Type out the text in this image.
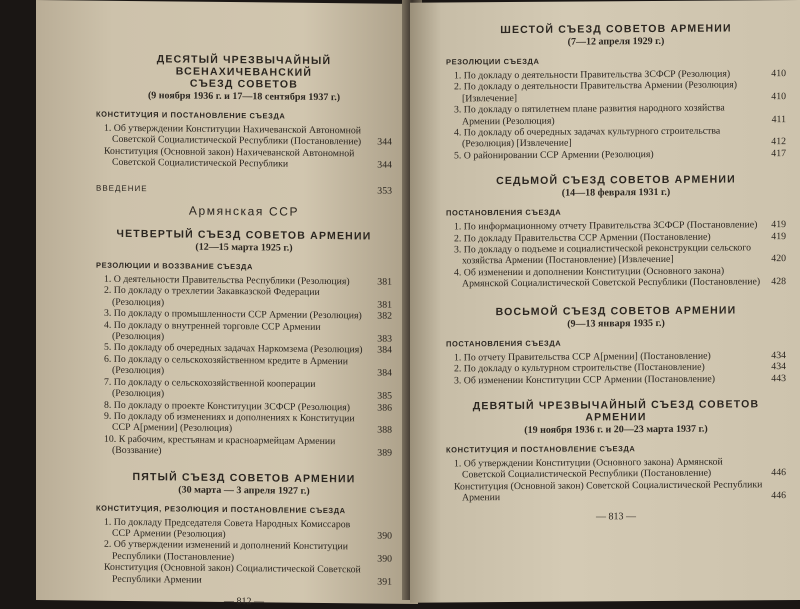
ДЕСЯТЫЙ ЧРЕЗВЫЧАЙНЫЙ ВСЕНАХИЧЕВАНСКИЙ
СЪЕЗД СОВЕТОВ
(9 ноября 1936 г. и 17—18 сентября 1937 г.)
КОНСТИТУЦИЯ И ПОСТАНОВЛЕНИЕ СЪЕЗДА
1. Об утверждении Конституции Нахичеванской Автономной Советской Социалистической Республики (Постановление) 344
Конституция (Основной закон) Нахичеванской Автономной Советской Социалистической Республики	344
ВВЕДЕНИЕ	353
Армянская ССР
ЧЕТВЕРТЫЙ СЪЕЗД СОВЕТОВ АРМЕНИИ
(12—15 марта 1925 г.)
РЕЗОЛЮЦИИ И ВОЗЗВАНИЕ СЪЕЗДА
1. О деятельности Правительства Республики (Резолюция)	381
2. По докладу о трехлетии Закавказской Федерации (Резолюция)	381
3. По докладу о промышленности ССР Армении (Резолюция) 382
4. По докладу о внутренней торговле ССР Армении (Резолюция)	383
5. По докладу об очередных задачах Наркомзема (Резолюция) 384
6. По докладу о сельскохозяйственном кредите в Армении (Резолюция)	384
7. По докладу о сельскохозяйственной кооперации (Резолюция)	385
8. По докладу о проекте Конституции ЗСФСР (Резолюция)	386
9. По докладу об изменениях и дополнениях к Конституции ССР А[рмении] (Резолюция)	388
10. К рабочим, крестьянам и красноармейцам Армении (Воззвание)	389
ПЯТЫЙ СЪЕЗД СОВЕТОВ АРМЕНИИ
(30 марта — 3 апреля 1927 г.)
КОНСТИТУЦИЯ, РЕЗОЛЮЦИЯ И ПОСТАНОВЛЕНИЕ СЪЕЗДА
1. По докладу Председателя Совета Народных Комиссаров ССР Армении (Резолюция)	390
2. Об утверждении изменений и дополнений Конституции Республики (Постановление)	390
Конституция (Основной закон) Социалистической Советской Республики Армении	391
— 812 —
ШЕСТОЙ СЪЕЗД СОВЕТОВ АРМЕНИИ
(7—12 апреля 1929 г.)
РЕЗОЛЮЦИИ СЪЕЗДА
1. По докладу о деятельности Правительства ЗСФСР (Резолюция)	410
2. По докладу о деятельности Правительства Армении (Резолюция) [Извлечение]	410
3. По докладу о пятилетнем плане развития народного хозяйства Армении (Резолюция)	411
4. По докладу об очередных задачах культурного строительства (Резолюция) [Извлечение]	412
5. О районировании ССР Армении (Резолюция)	417
СЕДЬМОЙ СЪЕЗД СОВЕТОВ АРМЕНИИ
(14—18 февраля 1931 г.)
ПОСТАНОВЛЕНИЯ СЪЕЗДА
1. По информационному отчету Правительства ЗСФСР (Постановление) 419
2. По докладу Правительства ССР Армении (Постановление)	419
3. По докладу о подъеме и социалистической реконструкции сельского хозяйства Армении (Постановление) [Извлечение]	420
4. Об изменении и дополнении Конституции (Основного закона) Армянской Социалистической Советской Республики (Постановление) 428
ВОСЬМОЙ СЪЕЗД СОВЕТОВ АРМЕНИИ
(9—13 января 1935 г.)
ПОСТАНОВЛЕНИЯ СЪЕЗДА
1. По отчету Правительства ССР А[рмении] (Постановление)	434
2. По докладу о культурном строительстве (Постановление)	434
3. Об изменении Конституции ССР Армении (Постановление)	443
ДЕВЯТЫЙ ЧРЕЗВЫЧАЙНЫЙ СЪЕЗД СОВЕТОВ АРМЕНИИ
(19 ноября 1936 г. и 20—23 марта 1937 г.)
КОНСТИТУЦИЯ И ПОСТАНОВЛЕНИЕ СЪЕЗДА
1. Об утверждении Конституции (Основного закона) Армянской Советской Социалистической Республики (Постановление)	446
Конституция (Основной закон) Советской Социалистической Республики Армении	446
— 813 —
